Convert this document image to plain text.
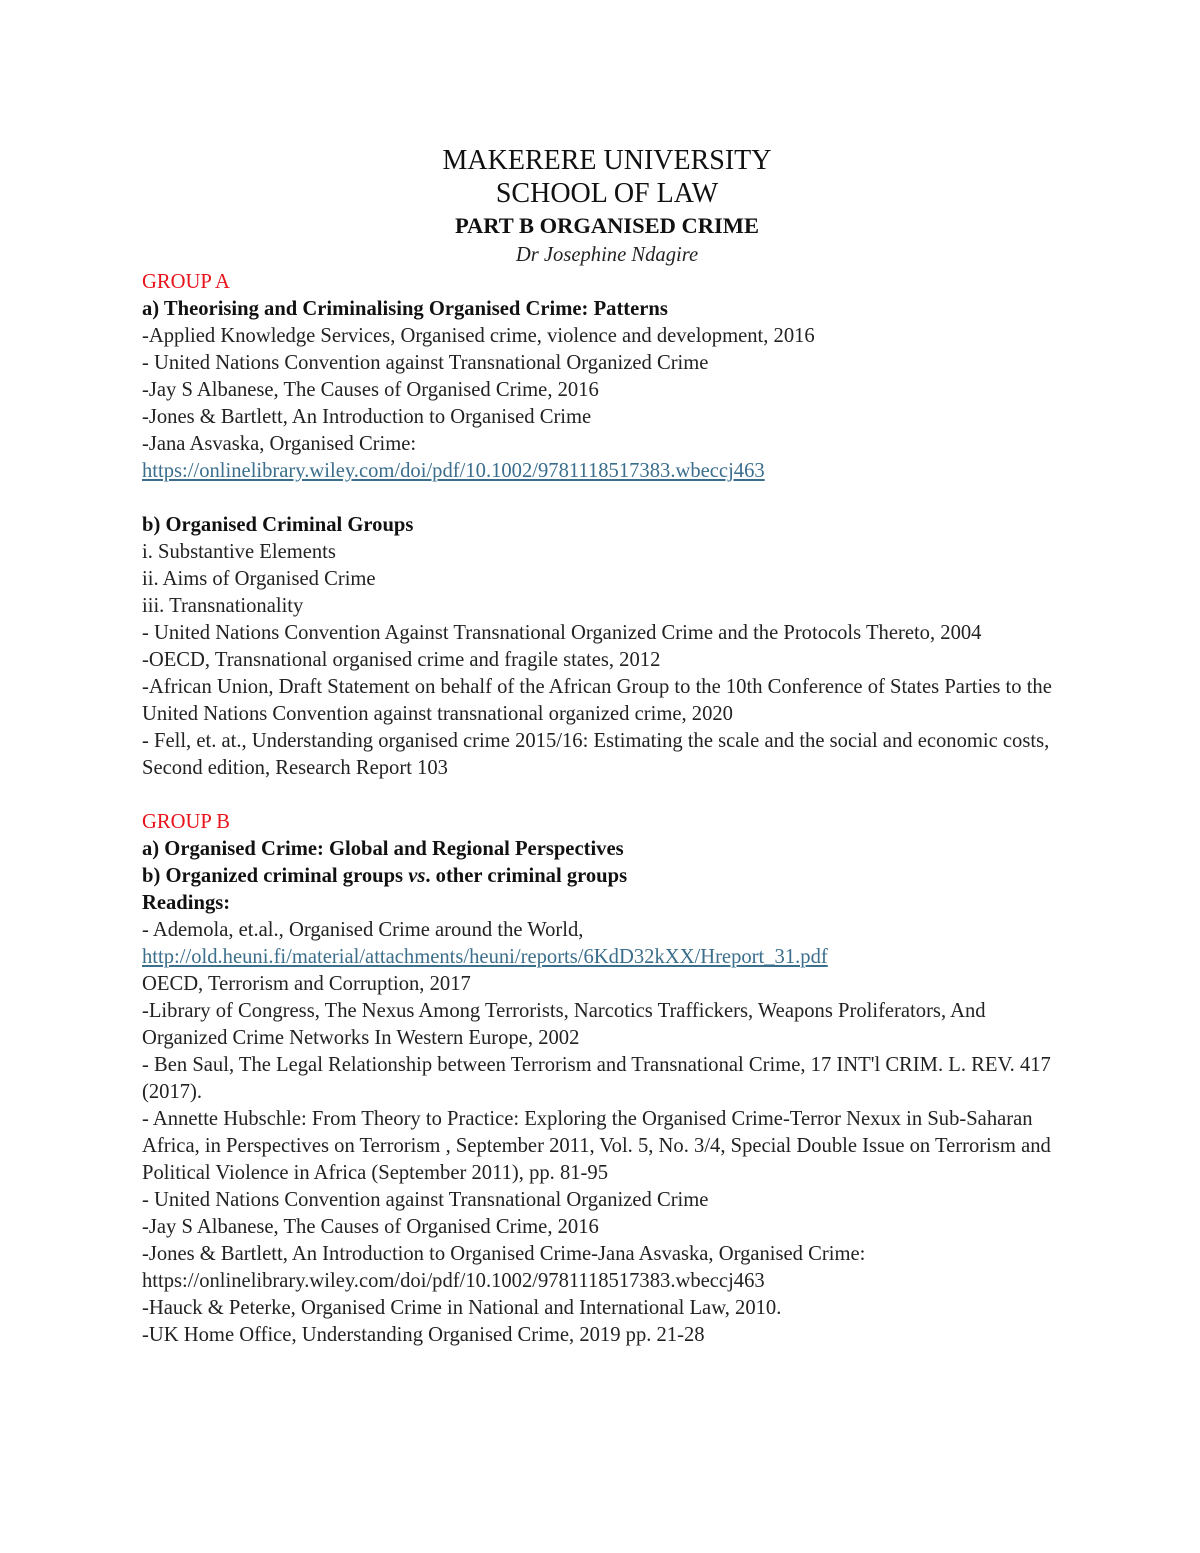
MAKERERE UNIVERSITY
SCHOOL OF LAW
PART B ORGANISED CRIME
Dr Josephine Ndagire
GROUP A
a) Theorising and Criminalising Organised Crime: Patterns
-Applied Knowledge Services, Organised crime, violence and development, 2016
- United Nations Convention against Transnational Organized Crime
-Jay S Albanese, The Causes of Organised Crime, 2016
-Jones & Bartlett, An Introduction to Organised Crime
-Jana Asvaska, Organised Crime:
https://onlinelibrary.wiley.com/doi/pdf/10.1002/9781118517383.wbeccj463
b) Organised Criminal Groups
i. Substantive Elements
ii. Aims of Organised Crime
iii. Transnationality
- United Nations Convention Against Transnational Organized Crime and the Protocols Thereto, 2004
-OECD, Transnational organised crime and fragile states, 2012
-African Union, Draft Statement on behalf of the African Group to the 10th Conference of States Parties to the United Nations Convention against transnational organized crime, 2020
- Fell, et. at., Understanding organised crime 2015/16: Estimating the scale and the social and economic costs, Second edition, Research Report 103
GROUP B
a) Organised Crime: Global and Regional Perspectives
b) Organized criminal groups vs. other criminal groups
Readings:
- Ademola, et.al., Organised Crime around the World,
http://old.heuni.fi/material/attachments/heuni/reports/6KdD32kXX/Hreport_31.pdf
OECD, Terrorism and Corruption, 2017
-Library of Congress, The Nexus Among Terrorists, Narcotics Traffickers, Weapons Proliferators, And Organized Crime Networks In Western Europe, 2002
- Ben Saul, The Legal Relationship between Terrorism and Transnational Crime, 17 INT'l CRIM. L. REV. 417 (2017).
- Annette Hubschle: From Theory to Practice: Exploring the Organised Crime-Terror Nexux in Sub-Saharan Africa, in Perspectives on Terrorism , September 2011, Vol. 5, No. 3/4, Special Double Issue on Terrorism and Political Violence in Africa (September 2011), pp. 81-95
- United Nations Convention against Transnational Organized Crime
-Jay S Albanese, The Causes of Organised Crime, 2016
-Jones & Bartlett, An Introduction to Organised Crime-Jana Asvaska, Organised Crime:
https://onlinelibrary.wiley.com/doi/pdf/10.1002/9781118517383.wbeccj463
-Hauck & Peterke, Organised Crime in National and International Law, 2010.
-UK Home Office, Understanding Organised Crime, 2019 pp. 21-28
